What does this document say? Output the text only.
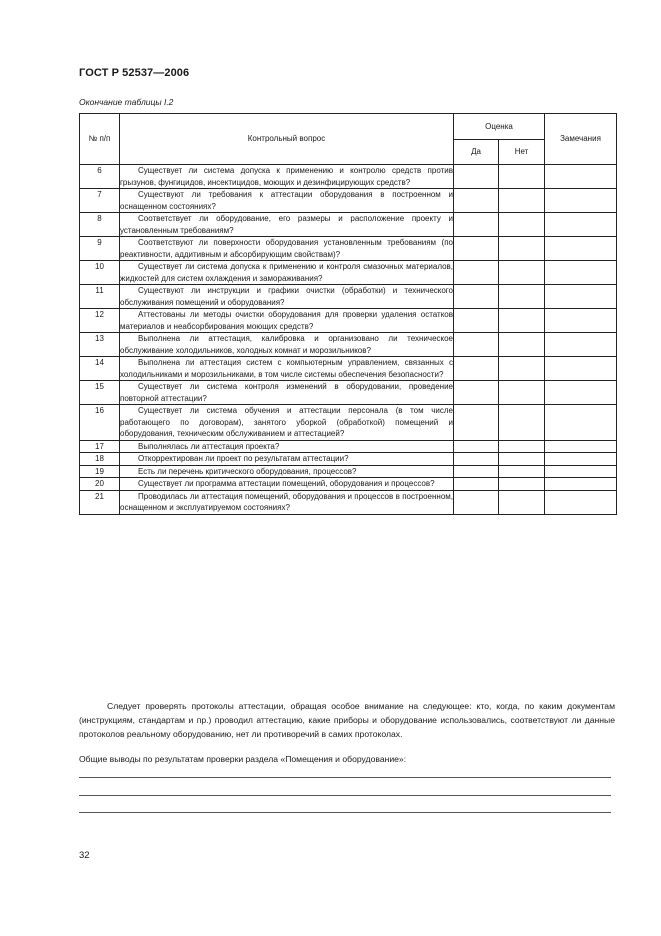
ГОСТ Р 52537—2006
Окончание таблицы I.2
№ п/п	Контрольный вопрос	Оценка		Замечания
		Да	Нет	
6	Существует ли система допуска к применению и контролю средств против грызунов, фунгицидов, инсектицидов, моющих и дезинфицирующих средств?			

7	Существуют ли требования к аттестации оборудования в построенном и оснащенном состояниях?			

8	Соответствует ли оборудование, его размеры и расположение проекту и установленным требованиям?			

9	Соответствуют ли поверхности оборудования установленным требованиям (по реактивности, аддитивным и абсорбирующим свойствам)?			

10	Существует ли система допуска к применению и контроля смазочных материалов, жидкостей для систем охлаждения и замораживания?			

11	Существуют ли инструкции и графики очистки (обработки) и технического обслуживания помещений и оборудования?			

12	Аттестованы ли методы очистки оборудования для проверки удаления остатков материалов и неабсорбирования моющих средств?			

13	Выполнена ли аттестация, калибровка и организовано ли техническое обслуживание холодильников, холодных комнат и морозильников?			

14	Выполнена ли аттестация систем с компьютерным управлением, связанных с холодильниками и морозильниками, в том числе системы обеспечения безопасности?			

15	Существует ли система контроля изменений в оборудовании, проведение повторной аттестации?			

16	Существует ли система обучения и аттестации персонала (в том числе работающего по договорам), занятого уборкой (обработкой) помещений и оборудования, техническим обслуживанием и аттестацией?			

17	Выполнялась ли аттестация проекта?			

18	Откорректирован ли проект по результатам аттестации?			

19	Есть ли перечень критического оборудования, процессов?			

20	Существует ли программа аттестации помещений, оборудования и процессов?			

21	Проводилась ли аттестация помещений, оборудования и процессов в построенном, оснащенном и эксплуатируемом состояниях?			

Следует проверять протоколы аттестации, обращая особое внимание на следующее: кто, когда, по каким документам (инструкциям, стандартам и пр.) проводил аттестацию, какие приборы и оборудование использовались, соответствуют ли данные протоколов реальному оборудованию, нет ли противоречий в самих протоколах.
Общие выводы по результатам проверки раздела «Помещения и оборудование»:
32
